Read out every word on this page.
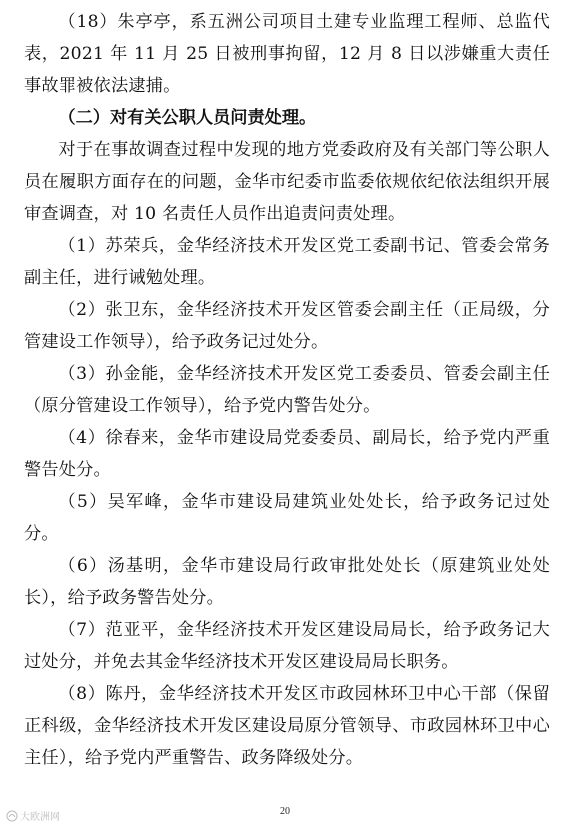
（18）朱亭亭，系五洲公司项目土建专业监理工程师、总监代表，2021 年 11 月 25 日被刑事拘留，12 月 8 日以涉嫌重大责任事故罪被依法逮捕。

（二）对有关公职人员问责处理。

对于在事故调查过程中发现的地方党委政府及有关部门等公职人员在履职方面存在的问题，金华市纪委市监委依规依纪依法组织开展审查调查，对 10 名责任人员作出追责问责处理。

（1）苏荣兵，金华经济技术开发区党工委副书记、管委会常务副主任，进行诫勉处理。

（2）张卫东，金华经济技术开发区管委会副主任（正局级，分管建设工作领导），给予政务记过处分。

（3）孙金能，金华经济技术开发区党工委委员、管委会副主任（原分管建设工作领导），给予党内警告处分。

（4）徐春来，金华市建设局党委委员、副局长，给予党内严重警告处分。

（5）吴军峰，金华市建设局建筑业处处长，给予政务记过处分。

（6）汤基明，金华市建设局行政审批处处长（原建筑业处处长），给予政务警告处分。

（7）范亚平，金华经济技术开发区建设局局长，给予政务记大过处分，并免去其金华经济技术开发区建设局局长职务。

（8）陈丹，金华经济技术开发区市政园林环卫中心干部（保留正科级，金华经济技术开发区建设局原分管领导、市政园林环卫中心主任），给予党内严重警告、政务降级处分。

大欧洲网
20
